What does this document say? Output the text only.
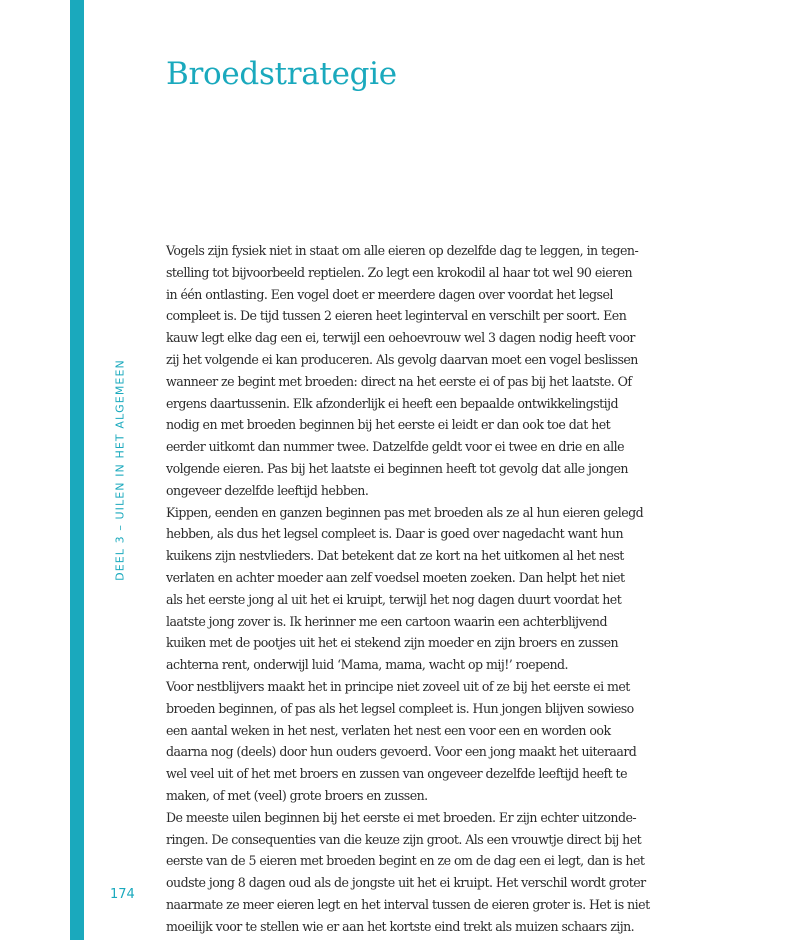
Broedstrategie
DEEL 3 – UILEN IN HET ALGEMEEN
Vogels zijn fysiek niet in staat om alle eieren op dezelfde dag te leggen, in tegen-
stelling tot bijvoorbeeld reptielen. Zo legt een krokodil al haar tot wel 90 eieren
in één ontlasting. Een vogel doet er meerdere dagen over voordat het legsel
compleet is. De tijd tussen 2 eieren heet leginterval en verschilt per soort. Een
kauw legt elke dag een ei, terwijl een oehoevrouw wel 3 dagen nodig heeft voor
zij het volgende ei kan produceren. Als gevolg daarvan moet een vogel beslissen
wanneer ze begint met broeden: direct na het eerste ei of pas bij het laatste. Of
ergens daartussenin. Elk afzonderlijk ei heeft een bepaalde ontwikkelingstijd
nodig en met broeden beginnen bij het eerste ei leidt er dan ook toe dat het
eerder uitkomt dan nummer twee. Datzelfde geldt voor ei twee en drie en alle
volgende eieren. Pas bij het laatste ei beginnen heeft tot gevolg dat alle jongen
ongeveer dezelfde leeftijd hebben.
Kippen, eenden en ganzen beginnen pas met broeden als ze al hun eieren gelegd
hebben, als dus het legsel compleet is. Daar is goed over nagedacht want hun
kuikens zijn nestvlieders. Dat betekent dat ze kort na het uitkomen al het nest
verlaten en achter moeder aan zelf voedsel moeten zoeken. Dan helpt het niet
als het eerste jong al uit het ei kruipt, terwijl het nog dagen duurt voordat het
laatste jong zover is. Ik herinner me een cartoon waarin een achterblijvend
kuiken met de pootjes uit het ei stekend zijn moeder en zijn broers en zussen
achterna rent, onderwijl luid ‘Mama, mama, wacht op mij!’ roepend.
Voor nestblijvers maakt het in principe niet zoveel uit of ze bij het eerste ei met
broeden beginnen, of pas als het legsel compleet is. Hun jongen blijven sowieso
een aantal weken in het nest, verlaten het nest een voor een en worden ook
daarna nog (deels) door hun ouders gevoerd. Voor een jong maakt het uiteraard
wel veel uit of het met broers en zussen van ongeveer dezelfde leeftijd heeft te
maken, of met (veel) grote broers en zussen.
De meeste uilen beginnen bij het eerste ei met broeden. Er zijn echter uitzonde-
ringen. De consequenties van die keuze zijn groot. Als een vrouwtje direct bij het
eerste van de 5 eieren met broeden begint en ze om de dag een ei legt, dan is het
oudste jong 8 dagen oud als de jongste uit het ei kruipt. Het verschil wordt groter
naarmate ze meer eieren legt en het interval tussen de eieren groter is. Het is niet
moeilijk voor te stellen wie er aan het kortste eind trekt als muizen schaars zijn.
174
